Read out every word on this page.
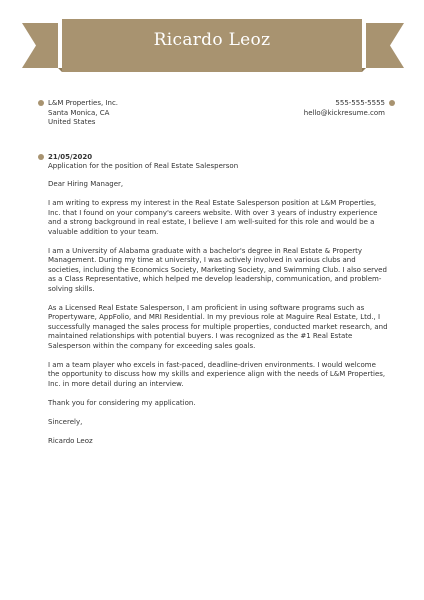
Ricardo Leoz
L&M Properties, Inc.
Santa Monica, CA
United States
555-555-5555
hello@kickresume.com
21/05/2020
Application for the position of Real Estate Salesperson

Dear Hiring Manager,

I am writing to express my interest in the Real Estate Salesperson position at L&M Properties, Inc. that I found on your company's careers website. With over 3 years of industry experience and a strong background in real estate, I believe I am well-suited for this role and would be a valuable addition to your team.

I am a University of Alabama graduate with a bachelor's degree in Real Estate & Property Management. During my time at university, I was actively involved in various clubs and societies, including the Economics Society, Marketing Society, and Swimming Club. I also served as a Class Representative, which helped me develop leadership, communication, and problem-solving skills.

As a Licensed Real Estate Salesperson, I am proficient in using software programs such as Propertyware, AppFolio, and MRI Residential. In my previous role at Maguire Real Estate, Ltd., I successfully managed the sales process for multiple properties, conducted market research, and maintained relationships with potential buyers. I was recognized as the #1 Real Estate Salesperson within the company for exceeding sales goals.

I am a team player who excels in fast-paced, deadline-driven environments. I would welcome the opportunity to discuss how my skills and experience align with the needs of L&M Properties, Inc. in more detail during an interview.

Thank you for considering my application.

Sincerely,

Ricardo Leoz
